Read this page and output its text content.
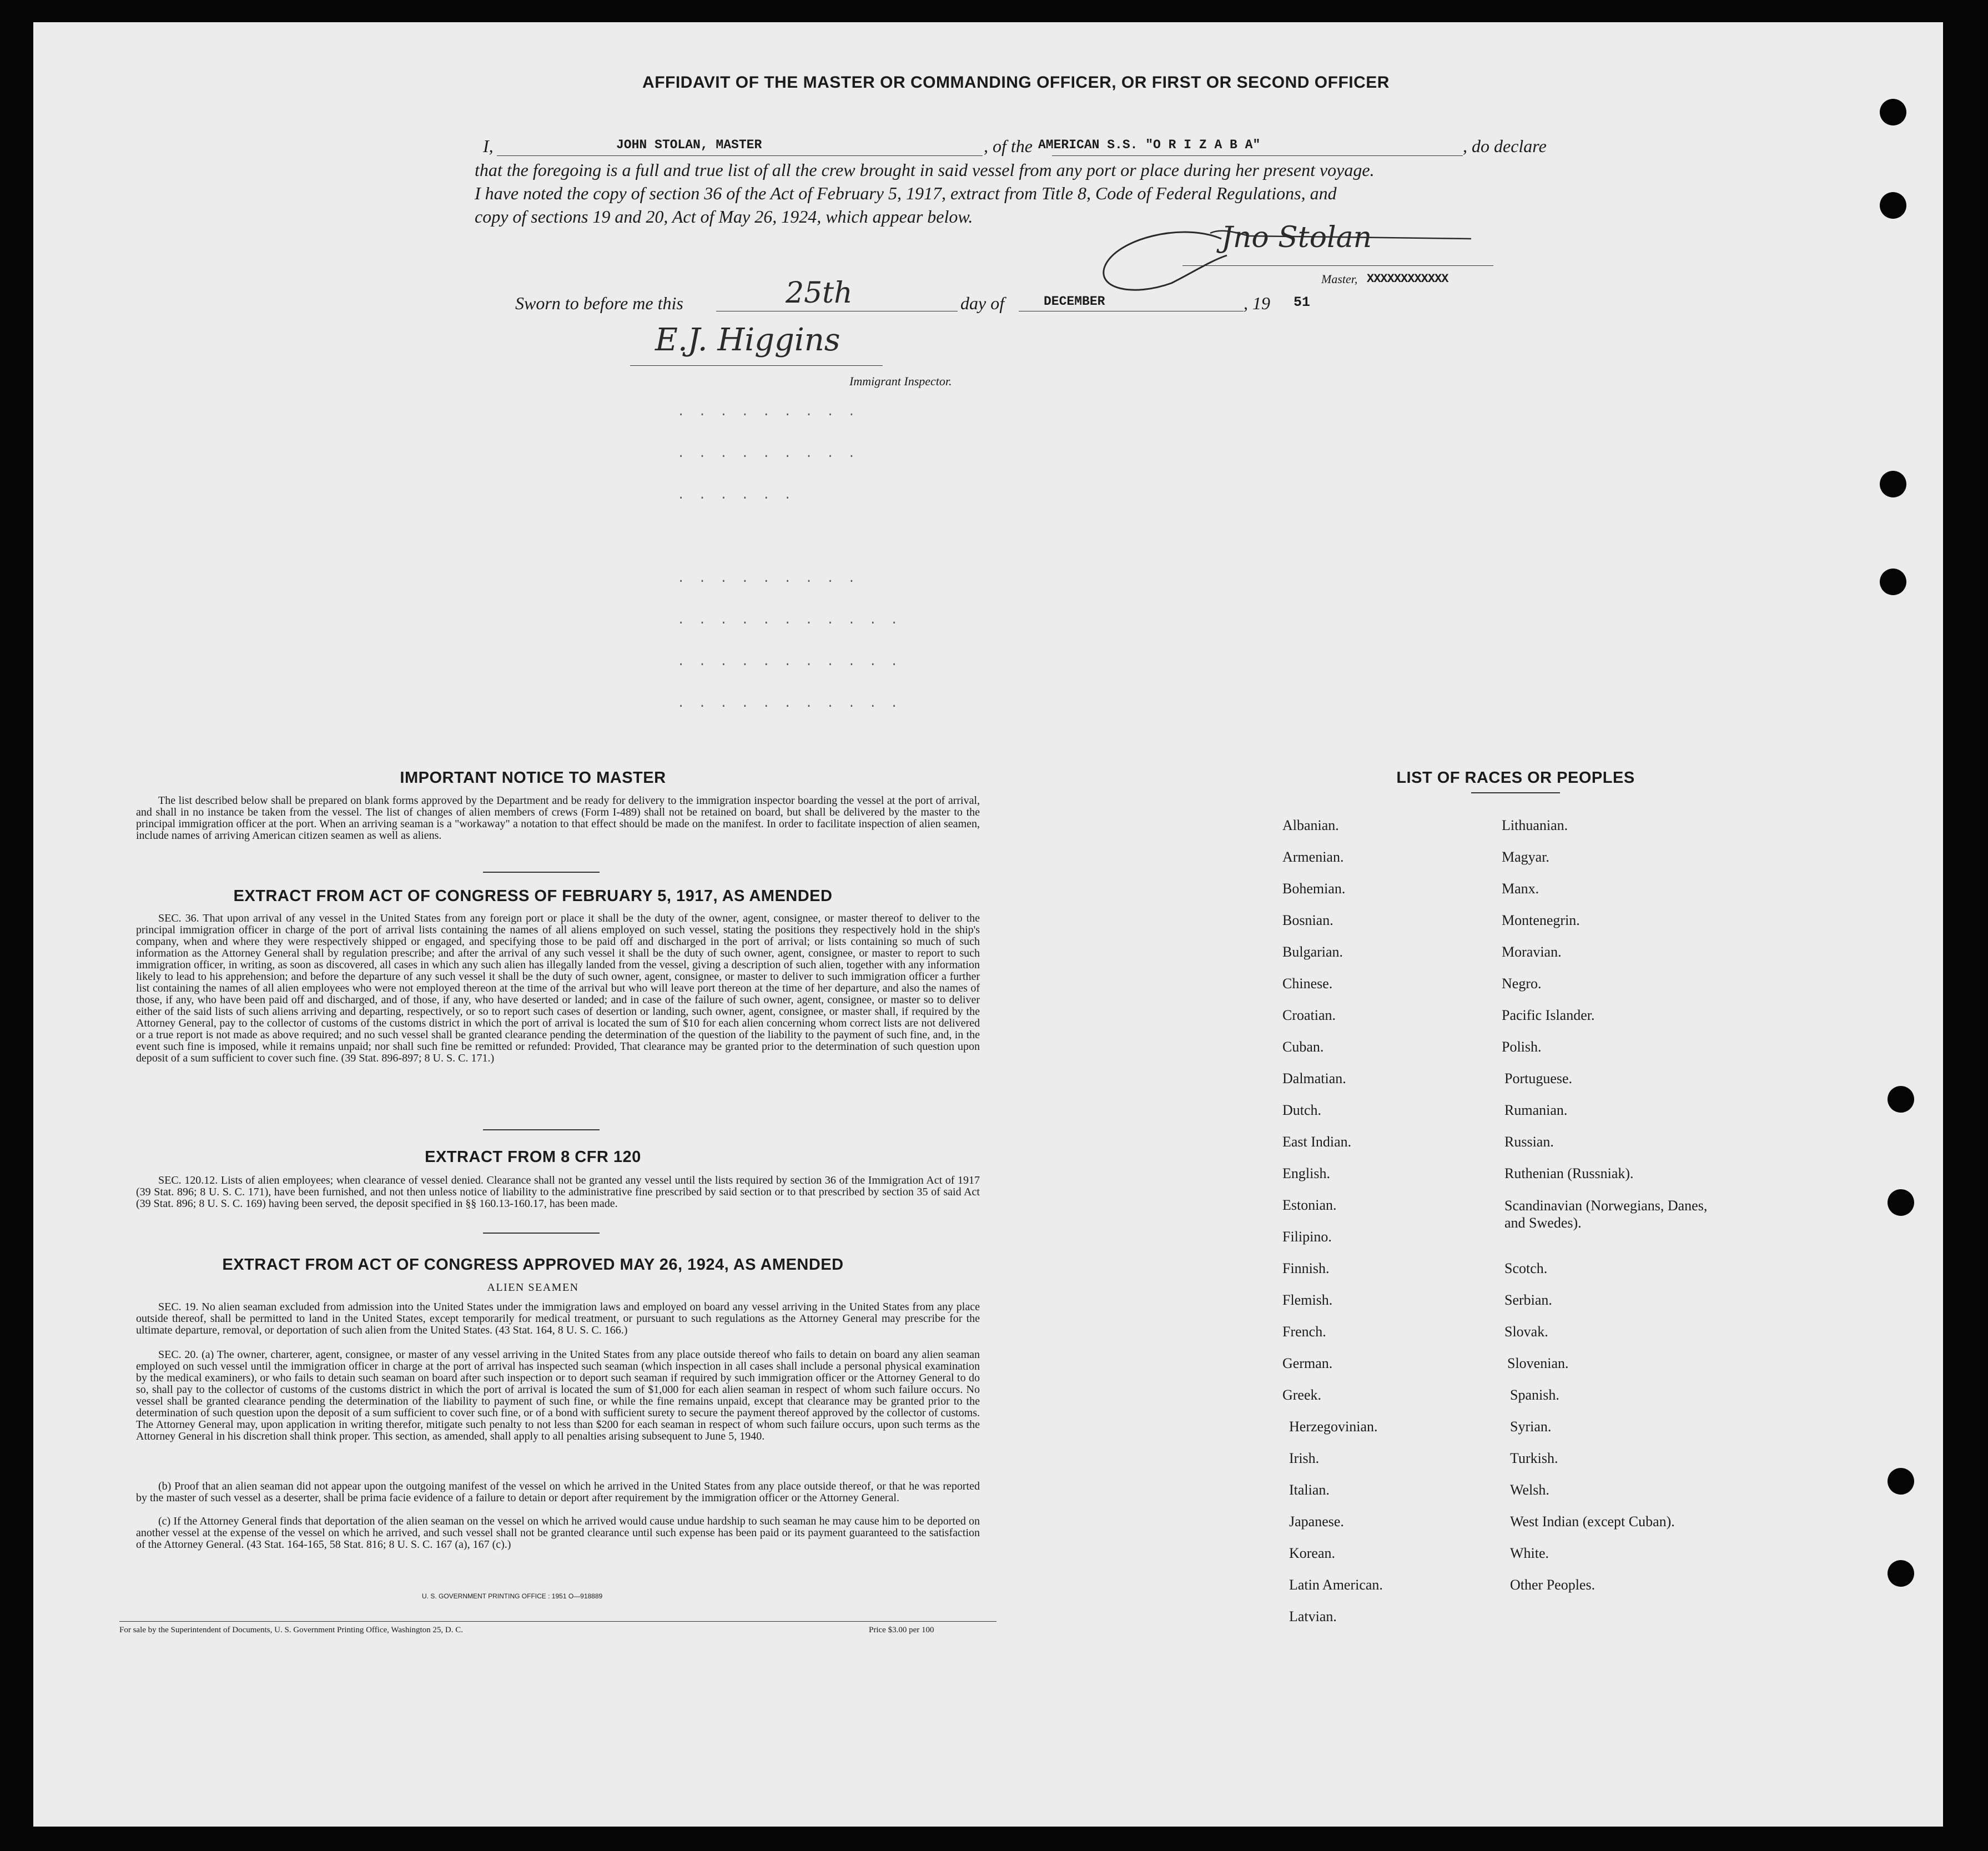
AFFIDAVIT OF THE MASTER OR COMMANDING OFFICER, OR FIRST OR SECOND OFFICER
I,	JOHN STOLAN, MASTER	, of the AMERICAN S.S. "O R I Z A B A"	, do declare
that the foregoing is a full and true list of all the crew brought in said vessel from any port or place during her present voyage.
I have noted the copy of section 36 of the Act of February 5, 1917, extract from Title 8, Code of Federal Regulations, and
copy of sections 19 and 20, Act of May 26, 1924, which appear below.
Jno Stolan
Master, XXXXXXXXXXXX
Sworn to before me this	25th	day of	DECEMBER	, 19 51
E.J. Higgins
Immigrant Inspector.
. . . . . . . . .
. . . . . . . . .
. . . . . .
. . . . . . . . .
. . . . . . . . . . .
. . . . . . . . . . .
. . . . . . . . . . .
IMPORTANT NOTICE TO MASTER
The list described below shall be prepared on blank forms approved by the Department and be ready for delivery to the immigration inspector boarding the vessel at the port of arrival, and shall in no instance be taken from the vessel. The list of changes of alien members of crews (Form I-489) shall not be retained on board, but shall be delivered by the master to the principal immigration officer at the port. When an arriving seaman is a "workaway" a notation to that effect should be made on the manifest. In order to facilitate inspection of alien seamen, include names of arriving American citizen seamen as well as aliens.
EXTRACT FROM ACT OF CONGRESS OF FEBRUARY 5, 1917, AS AMENDED
SEC. 36. That upon arrival of any vessel in the United States from any foreign port or place it shall be the duty of the owner, agent, consignee, or master thereof to deliver to the principal immigration officer in charge of the port of arrival lists containing the names of all aliens employed on such vessel, stating the positions they respectively hold in the ship's company, when and where they were respectively shipped or engaged, and specifying those to be paid off and discharged in the port of arrival; or lists containing so much of such information as the Attorney General shall by regulation prescribe; and after the arrival of any such vessel it shall be the duty of such owner, agent, consignee, or master to report to such immigration officer, in writing, as soon as discovered, all cases in which any such alien has illegally landed from the vessel, giving a description of such alien, together with any information likely to lead to his apprehension; and before the departure of any such vessel it shall be the duty of such owner, agent, consignee, or master to deliver to such immigration officer a further list containing the names of all alien employees who were not employed thereon at the time of the arrival but who will leave port thereon at the time of her departure, and also the names of those, if any, who have been paid off and discharged, and of those, if any, who have deserted or landed; and in case of the failure of such owner, agent, consignee, or master so to deliver either of the said lists of such aliens arriving and departing, respectively, or so to report such cases of desertion or landing, such owner, agent, consignee, or master shall, if required by the Attorney General, pay to the collector of customs of the customs district in which the port of arrival is located the sum of $10 for each alien concerning whom correct lists are not delivered or a true report is not made as above required; and no such vessel shall be granted clearance pending the determination of the question of the liability to the payment of such fine, and, in the event such fine is imposed, while it remains unpaid; nor shall such fine be remitted or refunded: Provided, That clearance may be granted prior to the determination of such question upon deposit of a sum sufficient to cover such fine. (39 Stat. 896-897; 8 U. S. C. 171.)
EXTRACT FROM 8 CFR 120
SEC. 120.12. Lists of alien employees; when clearance of vessel denied. Clearance shall not be granted any vessel until the lists required by section 36 of the Immigration Act of 1917 (39 Stat. 896; 8 U. S. C. 171), have been furnished, and not then unless notice of liability to the administrative fine prescribed by said section or to that prescribed by section 35 of said Act (39 Stat. 896; 8 U. S. C. 169) having been served, the deposit specified in §§ 160.13-160.17, has been made.
EXTRACT FROM ACT OF CONGRESS APPROVED MAY 26, 1924, AS AMENDED
ALIEN SEAMEN
SEC. 19. No alien seaman excluded from admission into the United States under the immigration laws and employed on board any vessel arriving in the United States from any place outside thereof, shall be permitted to land in the United States, except temporarily for medical treatment, or pursuant to such regulations as the Attorney General may prescribe for the ultimate departure, removal, or deportation of such alien from the United States. (43 Stat. 164, 8 U. S. C. 166.)
SEC. 20. (a) The owner, charterer, agent, consignee, or master of any vessel arriving in the United States from any place outside thereof who fails to detain on board any alien seaman employed on such vessel until the immigration officer in charge at the port of arrival has inspected such seaman (which inspection in all cases shall include a personal physical examination by the medical examiners), or who fails to detain such seaman on board after such inspection or to deport such seaman if required by such immigration officer or the Attorney General to do so, shall pay to the collector of customs of the customs district in which the port of arrival is located the sum of $1,000 for each alien seaman in respect of whom such failure occurs. No vessel shall be granted clearance pending the determination of the liability to payment of such fine, or while the fine remains unpaid, except that clearance may be granted prior to the determination of such question upon the deposit of a sum sufficient to cover such fine, or of a bond with sufficient surety to secure the payment thereof approved by the collector of customs. The Attorney General may, upon application in writing therefor, mitigate such penalty to not less than $200 for each seaman in respect of whom such failure occurs, upon such terms as the Attorney General in his discretion shall think proper. This section, as amended, shall apply to all penalties arising subsequent to June 5, 1940.
(b) Proof that an alien seaman did not appear upon the outgoing manifest of the vessel on which he arrived in the United States from any place outside thereof, or that he was reported by the master of such vessel as a deserter, shall be prima facie evidence of a failure to detain or deport after requirement by the immigration officer or the Attorney General.
(c) If the Attorney General finds that deportation of the alien seaman on the vessel on which he arrived would cause undue hardship to such seaman he may cause him to be deported on another vessel at the expense of the vessel on which he arrived, and such vessel shall not be granted clearance until such expense has been paid or its payment guaranteed to the satisfaction of the Attorney General. (43 Stat. 164-165, 58 Stat. 816; 8 U. S. C. 167 (a), 167 (c).)
U. S. GOVERNMENT PRINTING OFFICE : 1951 O—918889
For sale by the Superintendent of Documents, U. S. Government Printing Office, Washington 25, D. C.	Price $3.00 per 100
LIST OF RACES OR PEOPLES
Albanian.
Armenian.
Bohemian.
Bosnian.
Bulgarian.
Chinese.
Croatian.
Cuban.
Dalmatian.
Dutch.
East Indian.
English.
Estonian.
Filipino.
Finnish.
Flemish.
French.
German.
Greek.
Herzegovinian.
Irish.
Italian.
Japanese.
Korean.
Latin American.
Latvian.
Lithuanian.
Magyar.
Manx.
Montenegrin.
Moravian.
Negro.
Pacific Islander.
Polish.
Portuguese.
Rumanian.
Russian.
Ruthenian (Russniak).
Scandinavian (Norwegians, Danes, and Swedes).
Scotch.
Serbian.
Slovak.
Slovenian.
Spanish.
Syrian.
Turkish.
Welsh.
West Indian (except Cuban).
White.
Other Peoples.
